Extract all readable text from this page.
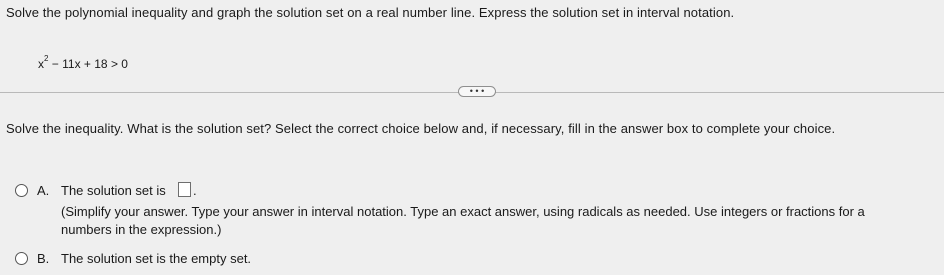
Solve the polynomial inequality and graph the solution set on a real number line. Express the solution set in interval notation.
$x^2 - 11x + 18 > 0$
• • •
Solve the inequality. What is the solution set? Select the correct choice below and, if necessary, fill in the answer box to complete your choice.
A. The solution set is .
(Simplify your answer. Type your answer in interval notation. Type an exact answer, using radicals as needed. Use integers or fractions for a
numbers in the expression.)
B. The solution set is the empty set.
